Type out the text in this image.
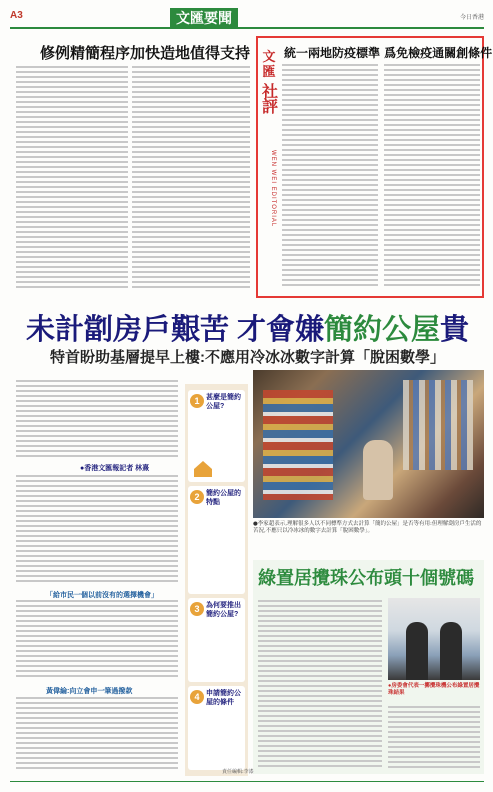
A3	文匯要聞	今日香港
修例精簡程序加快造地值得支持 文
匯
社
評
WEN WEI EDITORIAL
統一兩地防疫標準 爲免檢疫通關創條件
未計劏房戶艱苦 才會嫌簡約公屋貴
特首盼助基層提早上樓:不應用冷冰冰數字計算「脫困數學」
●香港文匯報記者 林熹
「給市民一個以前沒有的選擇機會」
黃偉綸:向立會申一筆過撥款
1 甚麼是簡約公屋?
2 簡約公屋的特點
3 為何要推出簡約公屋?
4 申請簡約公屋的條件
●李家超表示,理解很多人以不同標準方式去計算「簡約公屋」是否等有用:但理解劏房戶生活的苦況,不應只以冷冰冰的數字去計算「脫困數學」。
綠置居攪珠公布頭十個號碼
●房委會代表一擲攪珠機公布綠置居攪珠結果
責任編輯:李漆
